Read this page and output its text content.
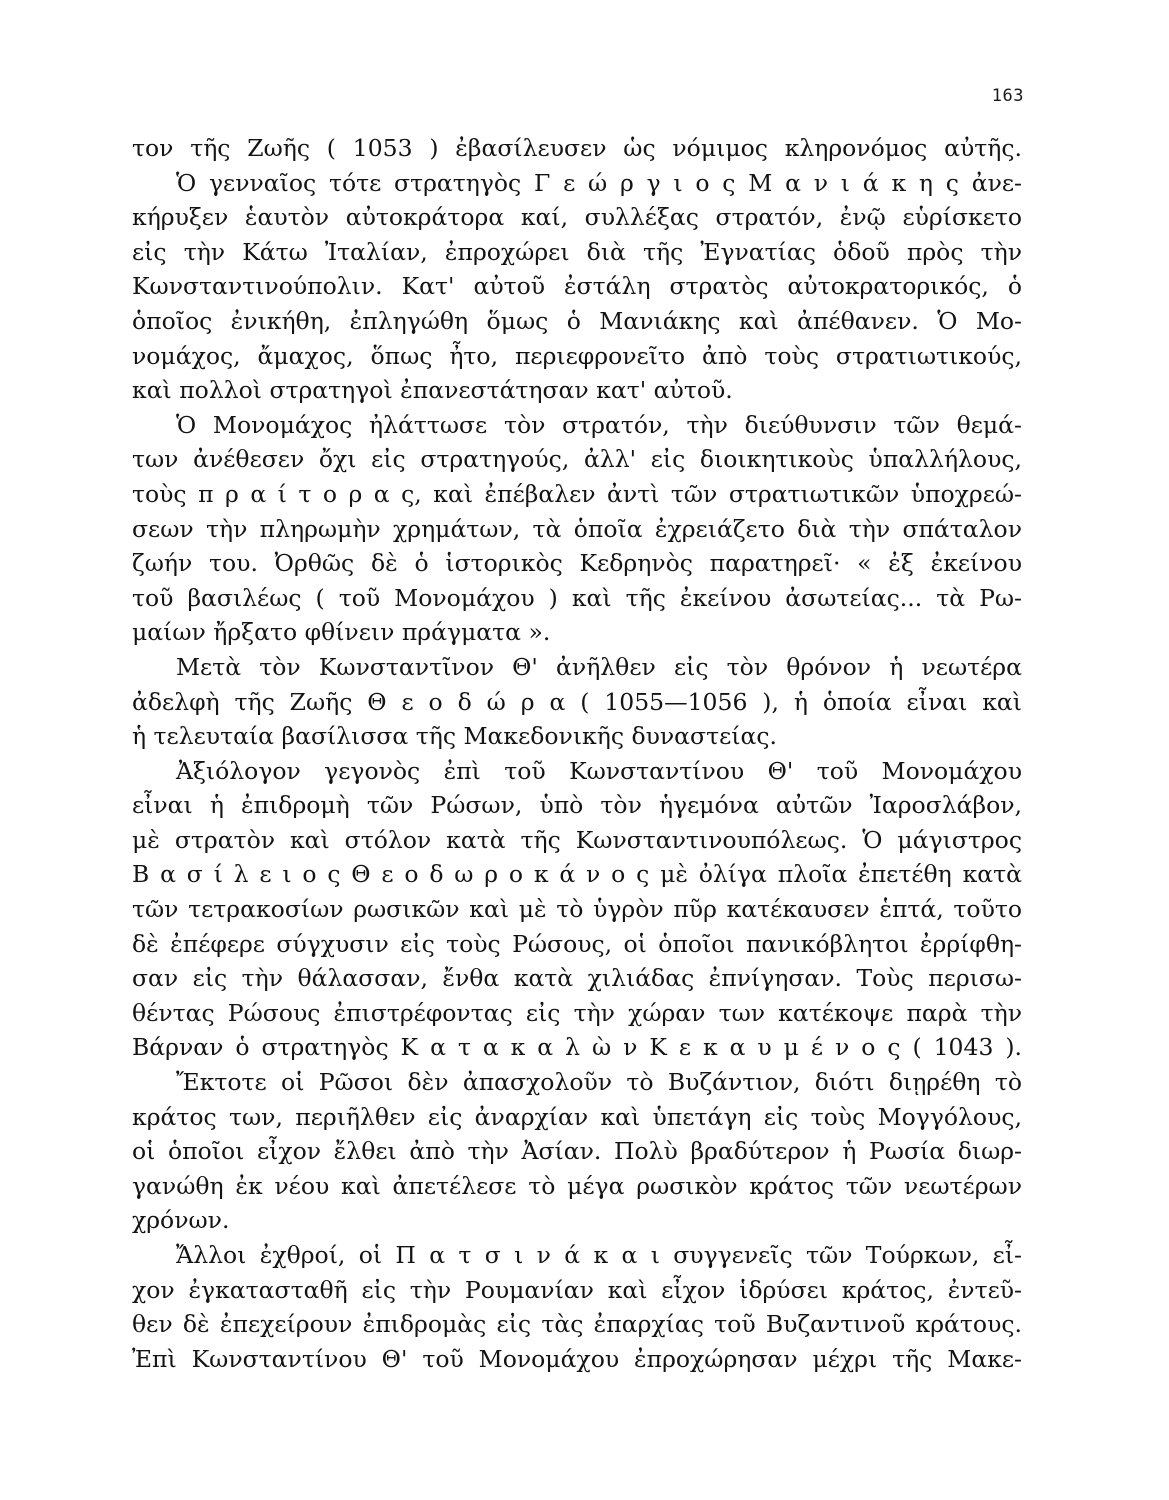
163
τον τῆς Ζωῆς ( 1053 ) ἐβασίλευσεν ὡς νόμιμος κληρονόμος αὐτῆς.
Ὁ γενναῖος τότε στρατηγὸς Γ ε ώ ρ γ ι ο ς Μ α ν ι ά κ η ς ἀνε-
κήρυξεν ἑαυτὸν αὐτοκράτορα καί, συλλέξας στρατόν, ἐνῷ εὑρίσκετο
εἰς τὴν Κάτω Ἰταλίαν, ἐπροχώρει διὰ τῆς Ἐγνατίας ὁδοῦ πρὸς τὴν
Κωνσταντινούπολιν. Κατ' αὐτοῦ ἐστάλη στρατὸς αὐτοκρατορικός, ὁ
ὁποῖος ἐνικήθη, ἐπληγώθη ὅμως ὁ Μανιάκης καὶ ἀπέθανεν. Ὁ Μο-
νομάχος, ἄμαχος, ὅπως ἦτο, περιεφρονεῖτο ἀπὸ τοὺς στρατιωτικούς,
καὶ πολλοὶ στρατηγοὶ ἐπανεστάτησαν κατ' αὐτοῦ.
Ὁ Μονομάχος ἠλάττωσε τὸν στρατόν, τὴν διεύθυνσιν τῶν θεμά-
των ἀνέθεσεν ὄχι εἰς στρατηγούς, ἀλλ' εἰς διοικητικοὺς ὑπαλλήλους,
τοὺς π ρ α ί τ ο ρ α ς, καὶ ἐπέβαλεν ἀντὶ τῶν στρατιωτικῶν ὑποχρεώ-
σεων τὴν πληρωμὴν χρημάτων, τὰ ὁποῖα ἐχρειάζετο διὰ τὴν σπάταλον
ζωήν του. Ὀρθῶς δὲ ὁ ἱστορικὸς Κεδρηνὸς παρατηρεῖ· « ἐξ ἐκείνου
τοῦ βασιλέως ( τοῦ Μονομάχου ) καὶ τῆς ἐκείνου ἀσωτείας... τὰ Ρω-
μαίων ἤρξατο φθίνειν πράγματα ».
Μετὰ τὸν Κωνσταντῖνον Θ' ἀνῆλθεν εἰς τὸν θρόνον ἡ νεωτέρα
ἀδελφὴ τῆς Ζωῆς Θ ε ο δ ώ ρ α ( 1055—1056 ), ἡ ὁποία εἶναι καὶ
ἡ τελευταία βασίλισσα τῆς Μακεδονικῆς δυναστείας.
Ἀξιόλογον γεγονὸς ἐπὶ τοῦ Κωνσταντίνου Θ' τοῦ Μονομάχου
εἶναι ἡ ἐπιδρομὴ τῶν Ρώσων, ὑπὸ τὸν ἡγεμόνα αὐτῶν Ἰαροσλάβον,
μὲ στρατὸν καὶ στόλον κατὰ τῆς Κωνσταντινουπόλεως. Ὁ μάγιστρος
Β α σ ί λ ε ι ο ς Θ ε ο δ ω ρ ο κ ά ν ο ς μὲ ὀλίγα πλοῖα ἐπετέθη κατὰ
τῶν τετρακοσίων ρωσικῶν καὶ μὲ τὸ ὑγρὸν πῦρ κατέκαυσεν ἑπτά, τοῦτο
δὲ ἐπέφερε σύγχυσιν εἰς τοὺς Ρώσους, οἱ ὁποῖοι πανικόβλητοι ἐρρίφθη-
σαν εἰς τὴν θάλασσαν, ἔνθα κατὰ χιλιάδας ἐπνίγησαν. Τοὺς περισω-
θέντας Ρώσους ἐπιστρέφοντας εἰς τὴν χώραν των κατέκοψε παρὰ τὴν
Βάρναν ὁ στρατηγὸς Κ α τ α κ α λ ὼ ν Κ ε κ α υ μ έ ν ο ς ( 1043 ).
Ἔκτοτε οἱ Ρῶσοι δὲν ἀπασχολοῦν τὸ Βυζάντιον, διότι διῃρέθη τὸ
κράτος των, περιῆλθεν εἰς ἀναρχίαν καὶ ὑπετάγη εἰς τοὺς Μογγόλους,
οἱ ὁποῖοι εἶχον ἔλθει ἀπὸ τὴν Ἀσίαν. Πολὺ βραδύτερον ἡ Ρωσία διωρ-
γανώθη ἐκ νέου καὶ ἀπετέλεσε τὸ μέγα ρωσικὸν κράτος τῶν νεωτέρων
χρόνων.
Ἄλλοι ἐχθροί, οἱ Π α τ σ ι ν ά κ α ι συγγενεῖς τῶν Τούρκων, εἶ-
χον ἐγκατασταθῆ εἰς τὴν Ρουμανίαν καὶ εἶχον ἱδρύσει κράτος, ἐντεῦ-
θεν δὲ ἐπεχείρουν ἐπιδρομὰς εἰς τὰς ἐπαρχίας τοῦ Βυζαντινοῦ κράτους.
Ἐπὶ Κωνσταντίνου Θ' τοῦ Μονομάχου ἐπροχώρησαν μέχρι τῆς Μακε-
